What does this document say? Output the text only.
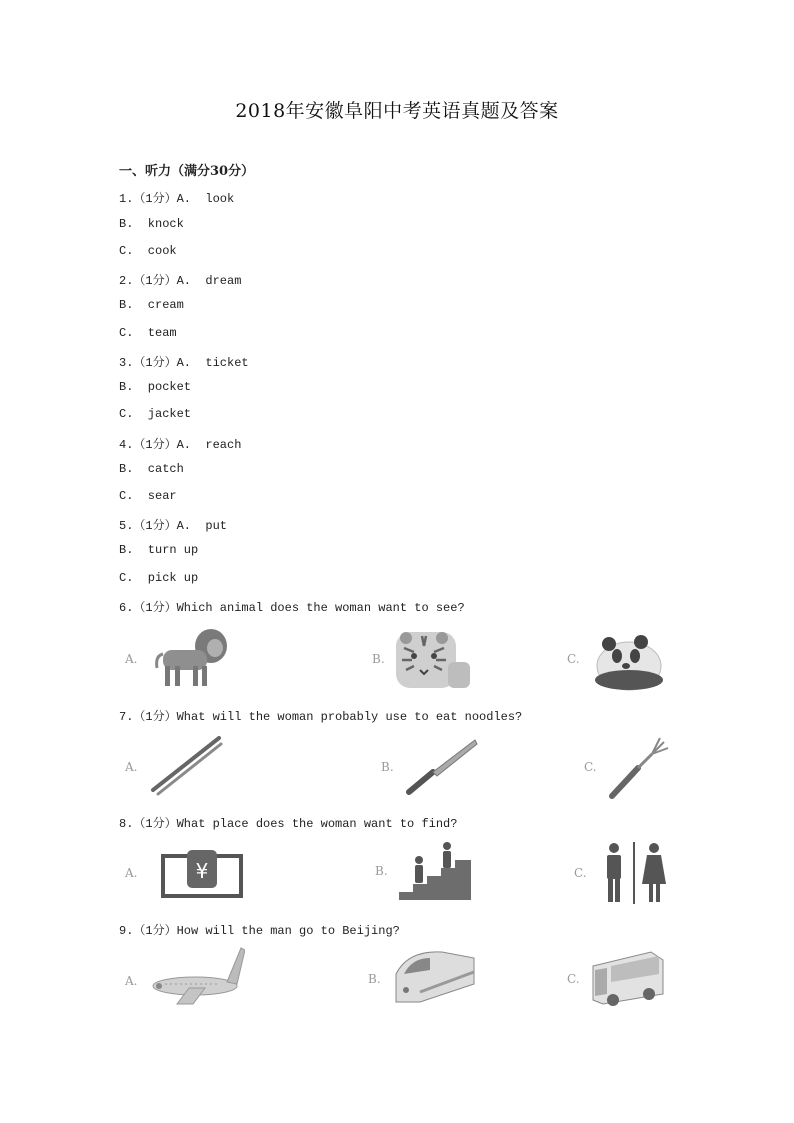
2018年安徽阜阳中考英语真题及答案
一、听力（满分30分）
1.（1分）A.  look
B.  knock
C.  cook
2.（1分）A.  dream
B.  cream
C.  team
3.（1分）A.  ticket
B.  pocket
C.  jacket
4.（1分）A.  reach
B.  catch
C.  sear
5.（1分）A.  put
B.  turn up
C.  pick up
6.（1分）Which animal does the woman want to see?
A.	B.	C.
7.（1分）What will the woman probably use to eat noodles?
A.	B.	C.
8.（1分）What place does the woman want to find?
A.	¥	B.	C.
9.（1分）How will the man go to Beijing?
A.	B.	C.
